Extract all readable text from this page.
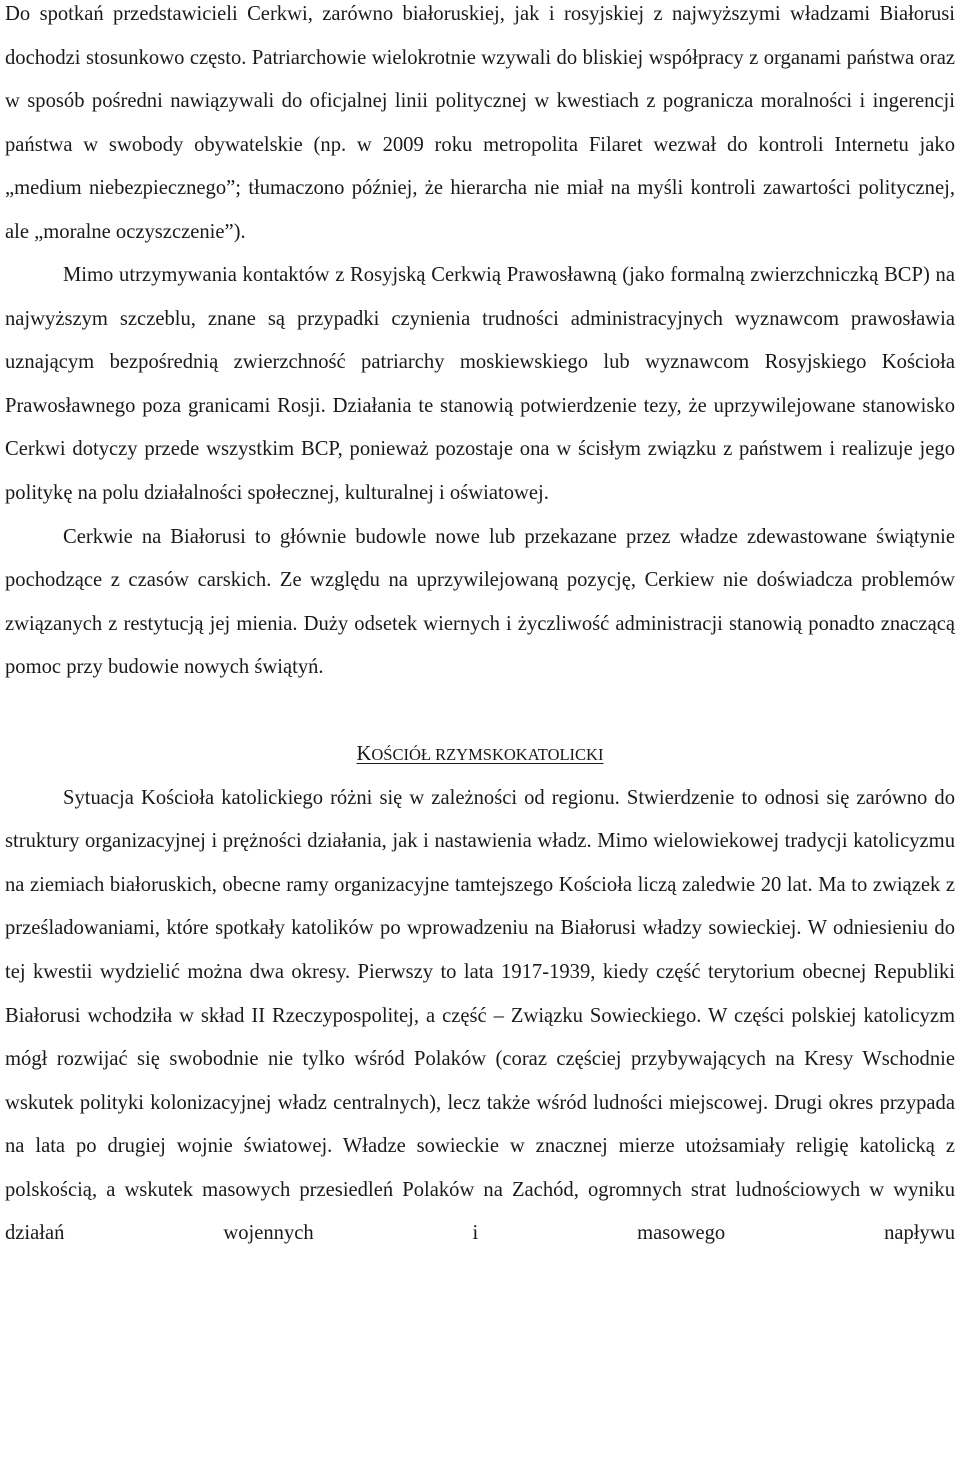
Do spotkań przedstawicieli Cerkwi, zarówno białoruskiej, jak i rosyjskiej z najwyższymi władzami Białorusi dochodzi stosunkowo często. Patriarchowie wielokrotnie wzywali do bliskiej współpracy z organami państwa oraz w sposób pośredni nawiązywali do oficjalnej linii politycznej w kwestiach z pogranicza moralności i ingerencji państwa w swobody obywatelskie (np. w 2009 roku metropolita Filaret wezwał do kontroli Internetu jako „medium niebezpiecznego”; tłumaczono później, że hierarcha nie miał na myśli kontroli zawartości politycznej, ale „moralne oczyszczenie”).

Mimo utrzymywania kontaktów z Rosyjską Cerkwią Prawosławną (jako formalną zwierzchniczką BCP) na najwyższym szczeblu, znane są przypadki czynienia trudności administracyjnych wyznawcom prawosławia uznającym bezpośrednią zwierzchność patriarchy moskiewskiego lub wyznawcom Rosyjskiego Kościoła Prawosławnego poza granicami Rosji. Działania te stanowią potwierdzenie tezy, że uprzywilejowane stanowisko Cerkwi dotyczy przede wszystkim BCP, ponieważ pozostaje ona w ścisłym związku z państwem i realizuje jego politykę na polu działalności społecznej, kulturalnej i oświatowej.

Cerkwie na Białorusi to głównie budowle nowe lub przekazane przez władze zdewastowane świątynie pochodzące z czasów carskich. Ze względu na uprzywilejowaną pozycję, Cerkiew nie doświadcza problemów związanych z restytucją jej mienia. Duży odsetek wiernych i życzliwość administracji stanowią ponadto znaczącą pomoc przy budowie nowych świątyń.

KOŚCIÓŁ RZYMSKOKATOLICKI

Sytuacja Kościoła katolickiego różni się w zależności od regionu. Stwierdzenie to odnosi się zarówno do struktury organizacyjnej i prężności działania, jak i nastawienia władz. Mimo wielowiekowej tradycji katolicyzmu na ziemiach białoruskich, obecne ramy organizacyjne tamtejszego Kościoła liczą zaledwie 20 lat. Ma to związek z prześladowaniami, które spotkały katolików po wprowadzeniu na Białorusi władzy sowieckiej. W odniesieniu do tej kwestii wydzielić można dwa okresy. Pierwszy to lata 1917-1939, kiedy część terytorium obecnej Republiki Białorusi wchodziła w skład II Rzeczypospolitej, a część – Związku Sowieckiego. W części polskiej katolicyzm mógł rozwijać się swobodnie nie tylko wśród Polaków (coraz częściej przybywających na Kresy Wschodnie wskutek polityki kolonizacyjnej władz centralnych), lecz także wśród ludności miejscowej. Drugi okres przypada na lata po drugiej wojnie światowej. Władze sowieckie w znacznej mierze utożsamiały religię katolicką z polskością, a wskutek masowych przesiedleń Polaków na Zachód, ogromnych strat ludnościowych w wyniku działań wojennych i masowego napływu
